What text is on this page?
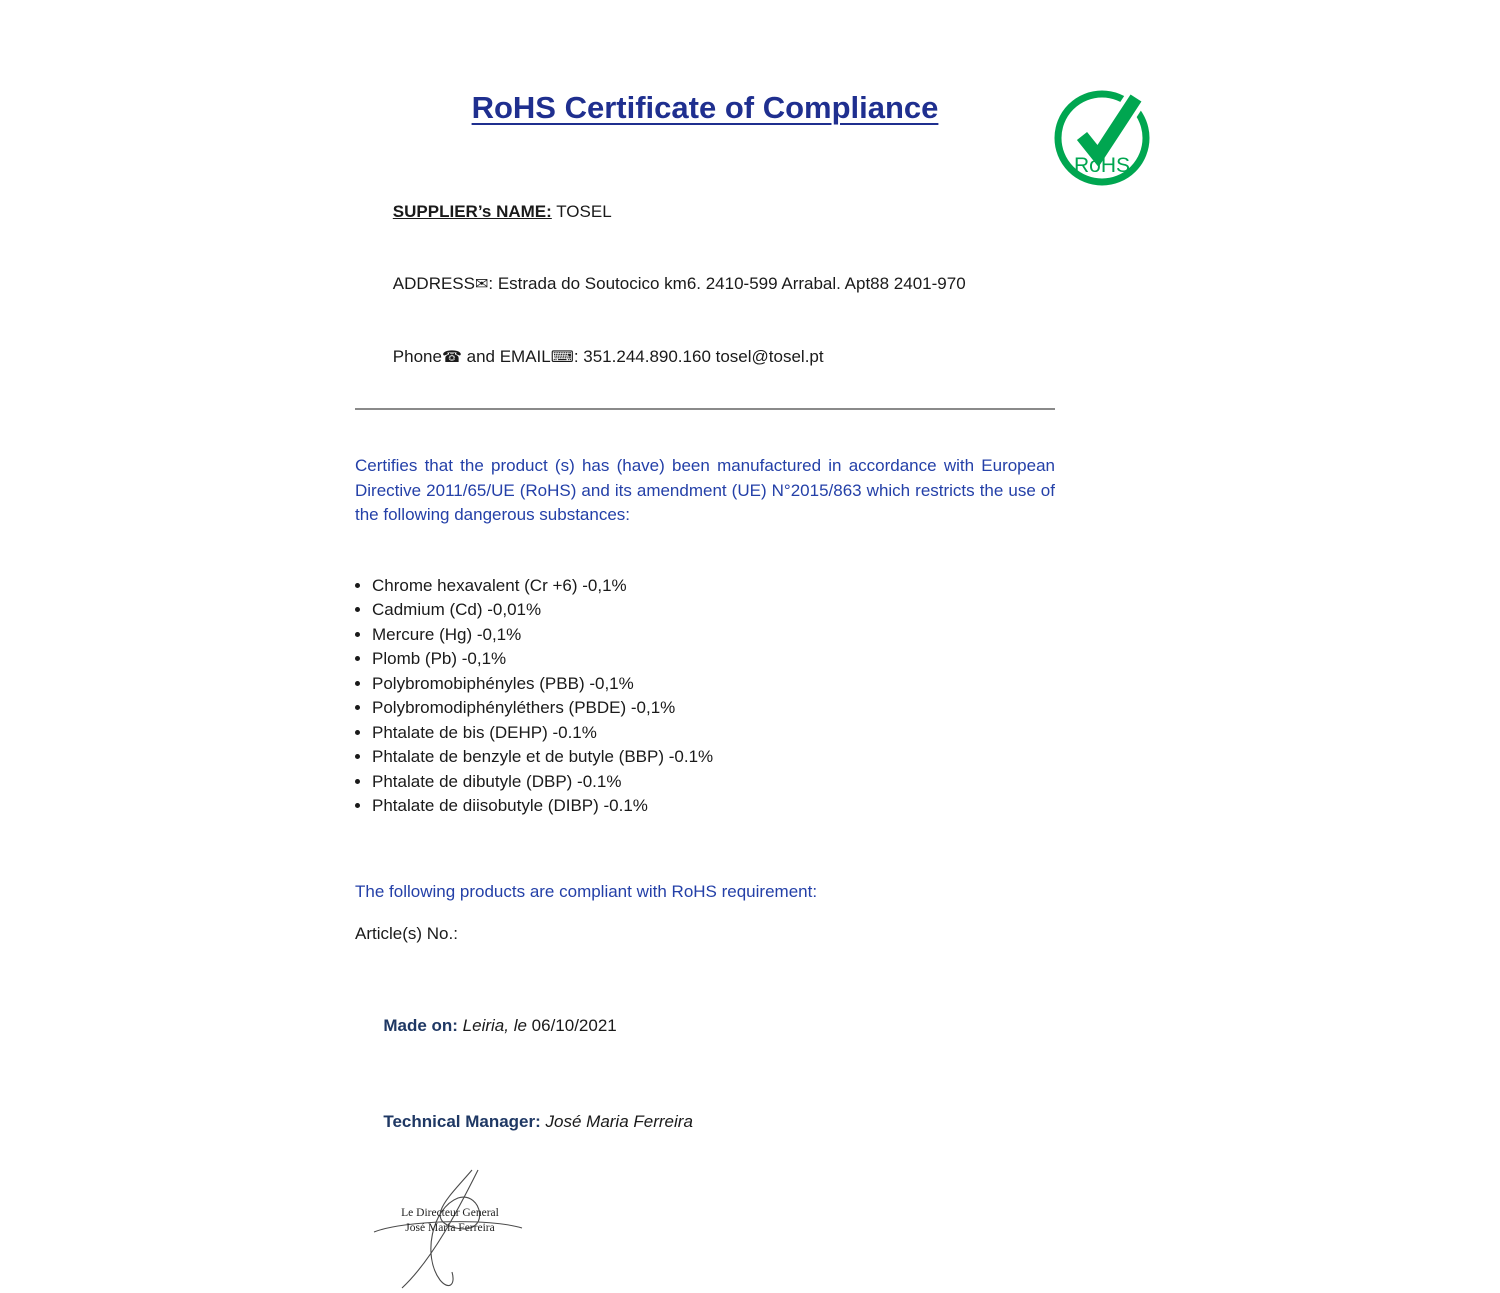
RoHS Certificate of Compliance
RoHS

SUPPLIER’s NAME: TOSEL

ADDRESS✉: Estrada do Soutocico km6. 2410-599 Arrabal. Apt88 2401-970

Phone☎ and EMAIL⌨: 351.244.890.160 tosel@tosel.pt

Certifies that the product (s) has (have) been manufactured in accordance with European Directive 2011/65/UE (RoHS) and its amendment (UE) N°2015/863 which restricts the use of the following dangerous substances:

• Chrome hexavalent (Cr +6) -0,1%
• Cadmium (Cd) -0,01%
• Mercure (Hg) -0,1%
• Plomb (Pb) -0,1%
• Polybromobiphényles (PBB) -0,1%
• Polybromodiphényléthers (PBDE) -0,1%
• Phtalate de bis (DEHP) -0.1%
• Phtalate de benzyle et de butyle (BBP) -0.1%
• Phtalate de dibutyle (DBP) -0.1%
• Phtalate de diisobutyle (DIBP) -0.1%

The following products are compliant with RoHS requirement:

Article(s) No.:

Made on: Leiria, le 06/10/2021

Technical Manager: José Maria Ferreira

Le Directeur General
José Maria Ferreira
